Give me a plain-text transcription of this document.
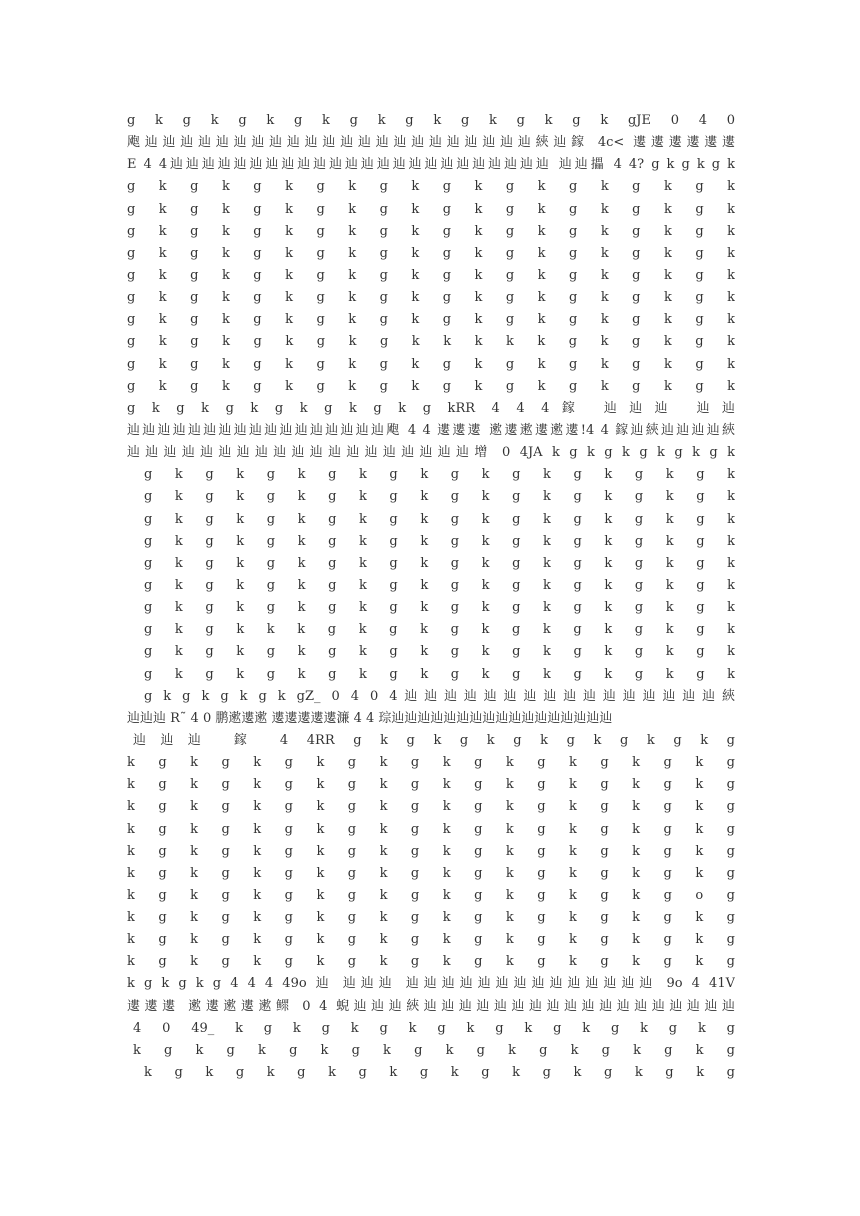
g k g k g k g k g k g k g k g k g k gJE 0 4 0
飑辿辿辿辿辿辿辿辿辿辿辿辿辿辿辿辿辿辿辿辿辿辿綊辿鎵 4c< 遱遱遱遱遱遱
E 4 4辿辿辿辿辿辿辿辿辿辿辿辿辿辿辿辿辿辿辿辿辿辿辿辿 辿辿攂 4 4? g k g k g k
g k g k g k g k g k g k g k g k g k g k
g k g k g k g k g k g k g k g k g k g k
g k g k g k g k g k g k g k g k g k g k
g k g k g k g k g k g k g k g k g k g k
g k g k g k g k g k g k g k g k g k g k
g k g k g k g k g k g k g k g k g k g k
g k g k g k g k g k g k g k g k g k g k
g k g k g k g k g k k k k k g k g k g k
g k g k g k g k g k g k g k g k g k g k
g k g k g k g k g k g k g k g k g k g k
g k g k g k g k g k g k g kRR 4 4 4鎵 辿辿辿 辿辿
辿辿辿辿辿辿辿辿辿辿辿辿辿辿辿辿辿飑 4 4 遱遱遱 遬遱遬遱遬遱!4 4 鎵辿綊辿辿辿辿綊
辿辿辿辿辿辿辿辿辿辿辿辿辿辿辿辿辿辿辿增 0 4JA k g k g k g k g k g k
g k g k g k g k g k g k g k g k g k g k
g k g k g k g k g k g k g k g k g k g k
g k g k g k g k g k g k g k g k g k g k
g k g k g k g k g k g k g k g k g k g k
g k g k g k g k g k g k g k g k g k g k
g k g k g k g k g k g k g k g k g k g k
g k g k g k g k g k g k g k g k g k g k
g k g k k k g k g k g k g k g k g k g k
g k g k g k g k g k g k g k g k g k g k
g k g k g k g k g k g k g k g k g k g k
g k g k g k g k gZ_ 0 4 0 4辿辿辿辿辿辿辿辿辿辿辿辿辿辿辿辿綊
辿辿辿 R˜ 4 0 鹏遬遱遬 遱遱遱遱遱濂 4 4 琮辿辿辿辿辿辿辿辿辿辿辿辿辿辿辿辿辿
辿辿辿 鎵 4 4RR g k g k g k g k g k g k g k g
k g k g k g k g k g k g k g k g k g k g
k g k g k g k g k g k g k g k g k g k g
k g k g k g k g k g k g k g k g k g k g
k g k g k g k g k g k g k g k g k g k g
k g k g k g k g k g k g k g k g k g k g
k g k g k g k g k g k g k g k g k g k g
k g k g k g k g k g k g k g k g k g o g
k g k g k g k g k g k g k g k g k g k g
k g k g k g k g k g k g k g k g k g k g
k g k g k g k g k g k g k g k g k g k g
k g k g k g 4 4 4 49o 辿 辿辿辿 辿辿辿辿辿辿辿辿辿辿辿辿辿辿 9o 4 41V
遱遱遱 遬遱遬遱遬鳏 0 4 蜺辿辿辿綊辿辿辿辿辿辿辿辿辿辿辿辿辿辿辿辿辿辿
4 0 49_ k g k g k g k g k g k g k g k g k g
k g k g k g k g k g k g k g k g k g k g
k g k g k g k g k g k g k g k g k g k g
